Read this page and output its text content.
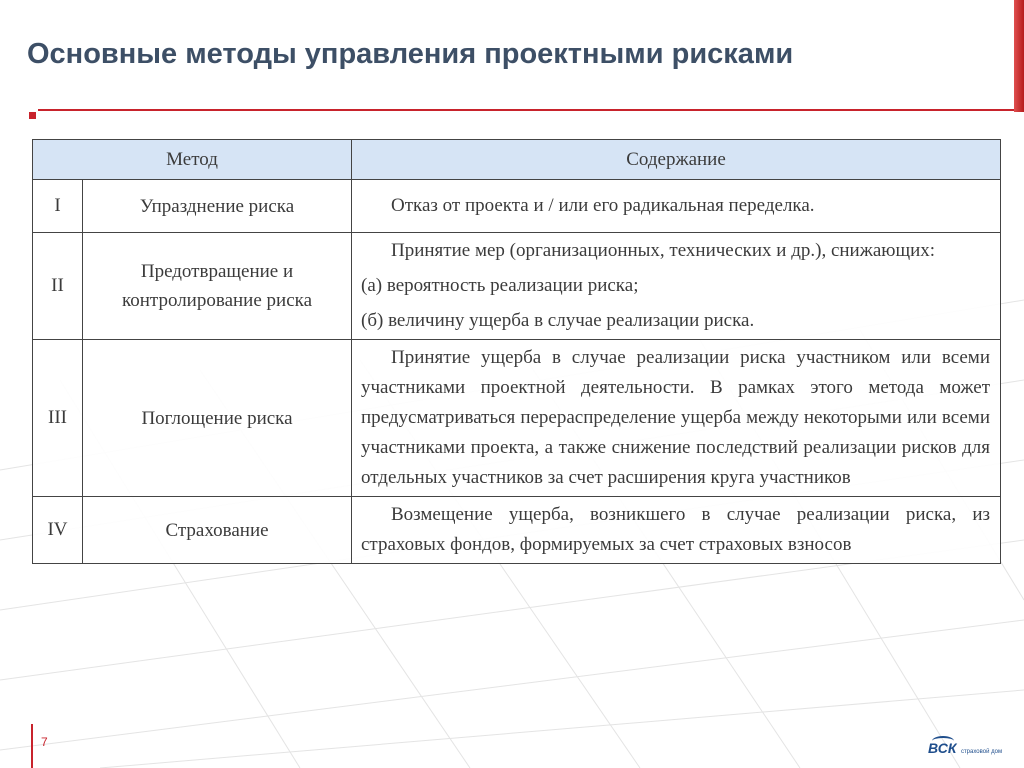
Основные методы управления проектными рисками
Метод		Содержание
I	Упразднение риска	Отказ от проекта и / или его радикальная переделка.
II	Предотвращение и контролирование риска	Принятие мер (организационных, технических и др.), снижающих:

(а) вероятность реализации риска;

(б) величину ущерба в случае реализации риска.

III	Поглощение риска	Принятие ущерба в случае реализации риска участником или всеми участниками проектной деятельности. В рамках этого метода может предусматриваться перераспределение ущерба между некоторыми или всеми участниками проекта, а также снижение последствий реализации рисков для отдельных участников за счет расширения круга участников

IV	Страхование	Возмещение ущерба, возникшего в случае реализации риска, из страховых фондов, формируемых за счет страховых взносов

7	ВСК страховой дом
